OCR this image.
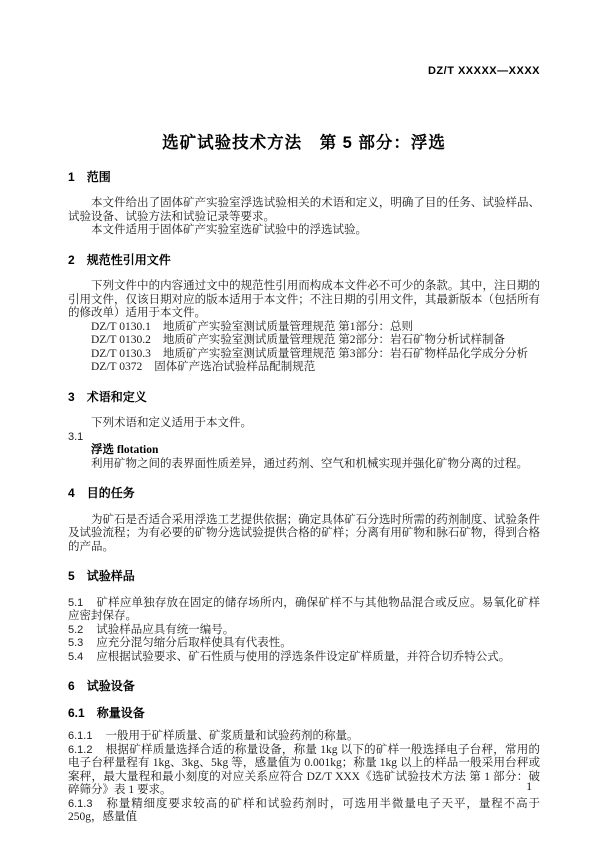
DZ/T XXXXX—XXXX
选矿试验技术方法　第 5 部分：浮选
1 范围

本文件给出了固体矿产实验室浮选试验相关的术语和定义，明确了目的任务、试验样品、试验设备、试验方法和试验记录等要求。

本文件适用于固体矿产实验室选矿试验中的浮选试验。

2 规范性引用文件

下列文件中的内容通过文中的规范性引用而构成本文件必不可少的条款。其中，注日期的引用文件，仅该日期对应的版本适用于本文件；不注日期的引用文件，其最新版本（包括所有的修改单）适用于本文件。

DZ/T 0130.1 地质矿产实验室测试质量管理规范 第1部分：总则

DZ/T 0130.2 地质矿产实验室测试质量管理规范 第2部分：岩石矿物分析试样制备

DZ/T 0130.3 地质矿产实验室测试质量管理规范 第3部分：岩石矿物样品化学成分分析

DZ/T 0372 固体矿产选冶试验样品配制规范

3 术语和定义

下列术语和定义适用于本文件。

3.1

浮选 flotation

利用矿物之间的表界面性质差异，通过药剂、空气和机械实现并强化矿物分离的过程。

4 目的任务

为矿石是否适合采用浮选工艺提供依据；确定具体矿石分选时所需的药剂制度、试验条件及试验流程；为有必要的矿物分选试验提供合格的矿样；分离有用矿物和脉石矿物，得到合格的产品。

5 试验样品

5.1 矿样应单独存放在固定的储存场所内，确保矿样不与其他物品混合或反应。易氧化矿样应密封保存。

5.2 试验样品应具有统一编号。

5.3 应充分混匀缩分后取样使具有代表性。

5.4 应根据试验要求、矿石性质与使用的浮选条件设定矿样质量，并符合切乔特公式。

6 试验设备
6.1 称量设备

6.1.1 一般用于矿样质量、矿浆质量和试验药剂的称量。

6.1.2 根据矿样质量选择合适的称量设备，称量 1kg 以下的矿样一般选择电子台秤，常用的电子台秤量程有 1kg、3kg、5kg 等，感量值为 0.001kg；称量 1kg 以上的样品一般采用台秤或案秤，最大量程和最小刻度的对应关系应符合 DZ/T XXX《选矿试验技术方法 第 1 部分：破碎筛分》表 1 要求。

6.1.3 称量精细度要求较高的矿样和试验药剂时，可选用半微量电子天平，量程不高于 250g，感量值

1
